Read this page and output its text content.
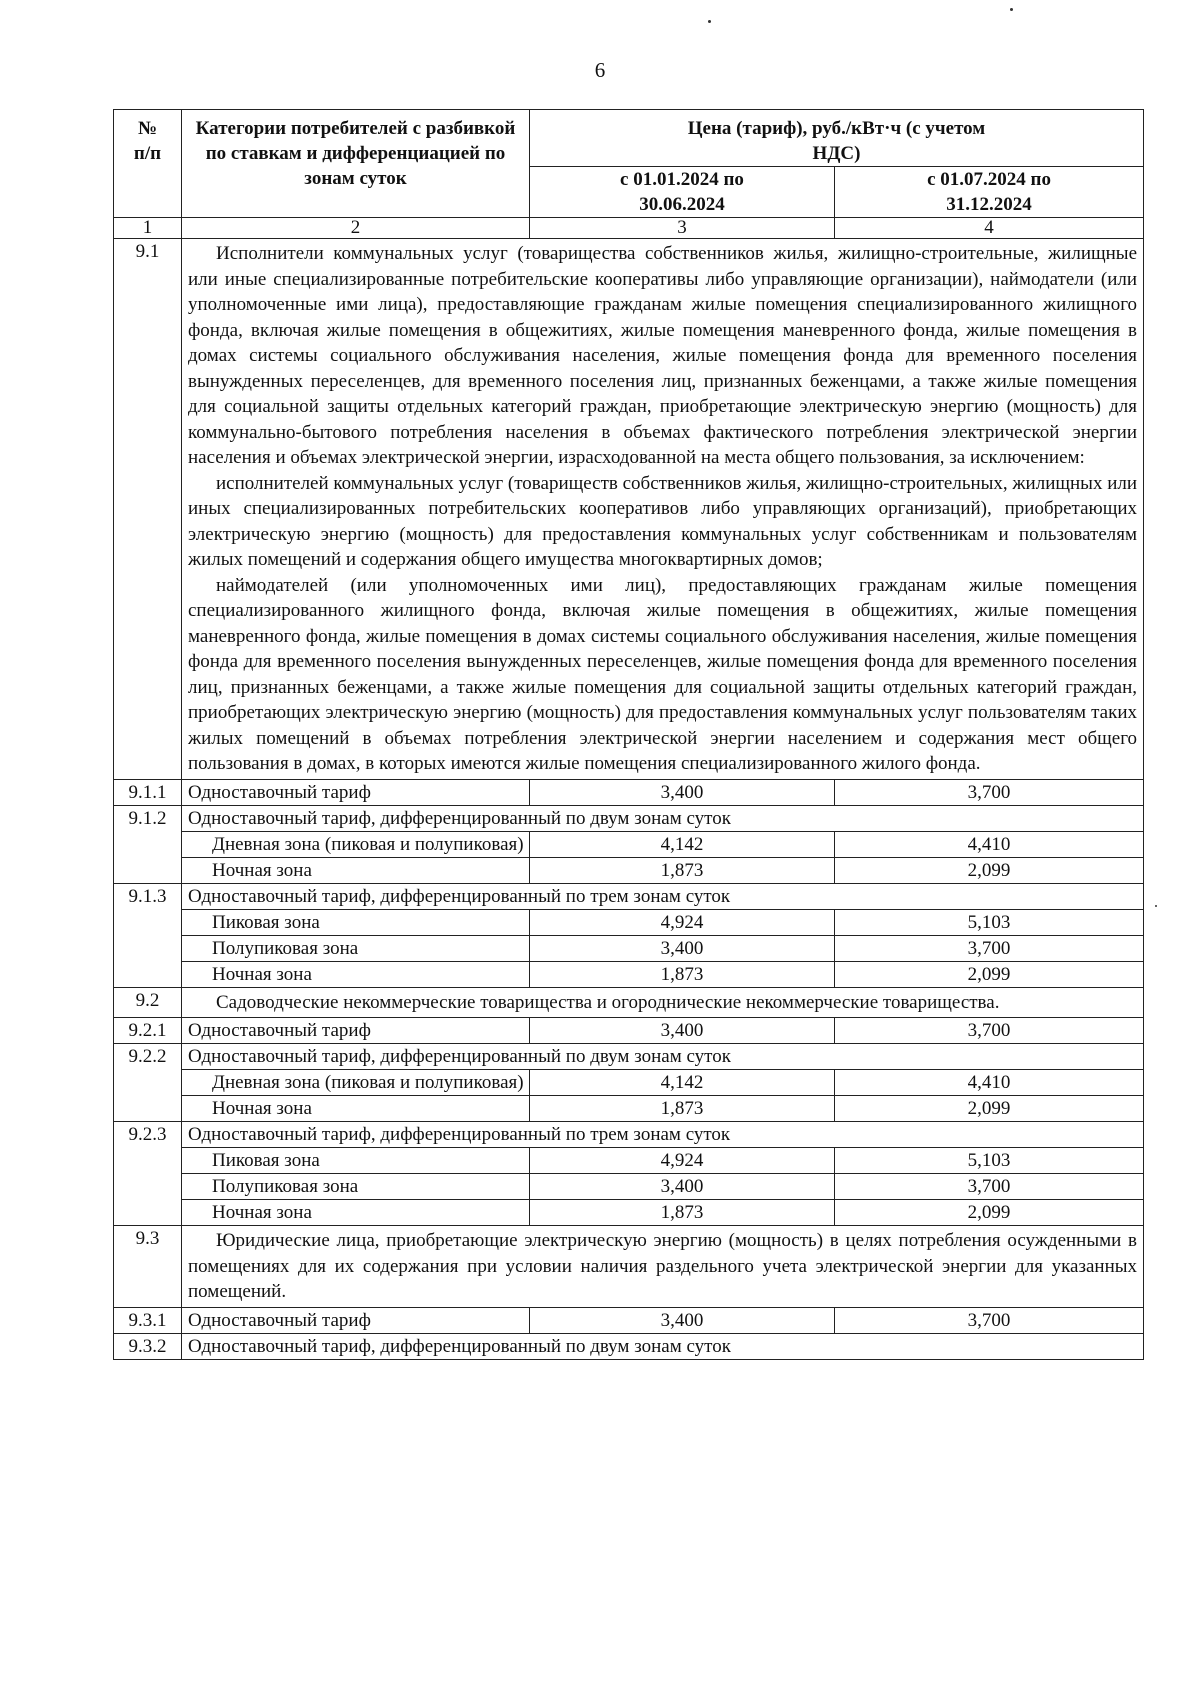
6
№
п/п	Категории потребителей с разбивкой по ставкам и дифференциацией по зонам суток	Цена (тариф), руб./кВт·ч (с учетом НДС)	
		с 01.01.2024 по 30.06.2024	с 01.07.2024 по 31.12.2024
1	2	3	4
9.1	Исполнители коммунальных услуг (товарищества собственников жилья, жилищно-строительные, жилищные или иные специализированные потребительские кооперативы либо управляющие организации), наймодатели (или уполномоченные ими лица), предоставляющие гражданам жилые помещения специализированного жилищного фонда, включая жилые помещения в общежитиях, жилые помещения маневренного фонда, жилые помещения в домах системы социального обслуживания населения, жилые помещения фонда для временного поселения вынужденных переселенцев, для временного поселения лиц, признанных беженцами, а также жилые помещения для социальной защиты отдельных категорий граждан, приобретающие электрическую энергию (мощность) для коммунально-бытового потребления населения в объемах фактического потребления электрической энергии населения и объемах электрической энергии, израсходованной на места общего пользования, за исключением:

исполнителей коммунальных услуг (товариществ собственников жилья, жилищно-строительных, жилищных или иных специализированных потребительских кооперативов либо управляющих организаций), приобретающих электрическую энергию (мощность) для предоставления коммунальных услуг собственникам и пользователям жилых помещений и содержания общего имущества многоквартирных домов;

наймодателей (или уполномоченных ими лиц), предоставляющих гражданам жилые помещения специализированного жилищного фонда, включая жилые помещения в общежитиях, жилые помещения маневренного фонда, жилые помещения в домах системы социального обслуживания населения, жилые помещения фонда для временного поселения вынужденных переселенцев, жилые помещения фонда для временного поселения лиц, признанных беженцами, а также жилые помещения для социальной защиты отдельных категорий граждан, приобретающих электрическую энергию (мощность) для предоставления коммунальных услуг пользователям таких жилых помещений в объемах потребления электрической энергии населением и содержания мест общего пользования в домах, в которых имеются жилые помещения специализированного жилого фонда.		

9.1.1	Одноставочный тариф	3,400	3,700
9.1.2	Одноставочный тариф, дифференцированный по двум зонам суток		
	Дневная зона (пиковая и полупиковая)	4,142	4,410
	Ночная зона	1,873	2,099
9.1.3	Одноставочный тариф, дифференцированный по трем зонам суток		
	Пиковая зона	4,924	5,103
	Полупиковая зона	3,400	3,700
	Ночная зона	1,873	2,099
9.2	Садоводческие некоммерческие товарищества и огороднические некоммерческие товарищества.		
9.2.1	Одноставочный тариф	3,400	3,700
9.2.2	Одноставочный тариф, дифференцированный по двум зонам суток		
	Дневная зона (пиковая и полупиковая)	4,142	4,410
	Ночная зона	1,873	2,099
9.2.3	Одноставочный тариф, дифференцированный по трем зонам суток		
	Пиковая зона	4,924	5,103
	Полупиковая зона	3,400	3,700
	Ночная зона	1,873	2,099
9.3	Юридические лица, приобретающие электрическую энергию (мощность) в целях потребления осужденными в помещениях для их содержания при условии наличия раздельного учета электрической энергии для указанных помещений.		
9.3.1	Одноставочный тариф	3,400	3,700
9.3.2	Одноставочный тариф, дифференцированный по двум зонам суток		
